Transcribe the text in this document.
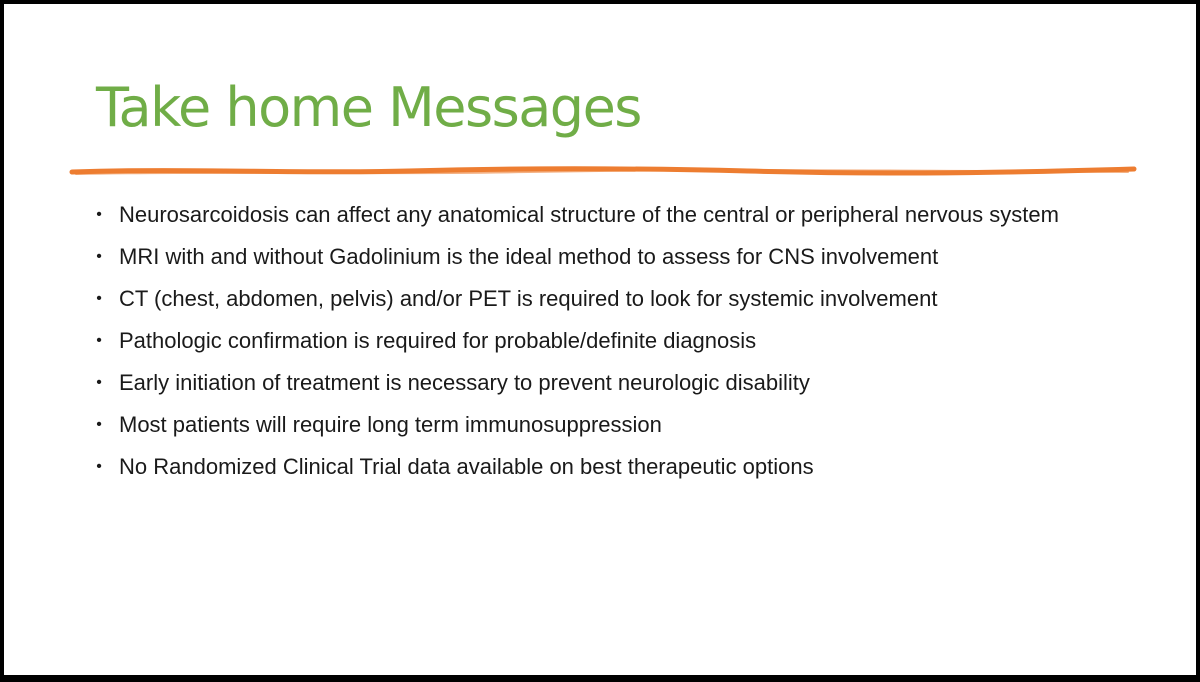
Take home Messages
• Neurosarcoidosis can affect any anatomical structure of the central or peripheral nervous system
• MRI with and without Gadolinium is the ideal method to assess for CNS involvement
• CT (chest, abdomen, pelvis) and/or PET is required to look for systemic involvement
• Pathologic confirmation is required for probable/definite diagnosis
• Early initiation of treatment is necessary to prevent neurologic disability
• Most patients will require long term immunosuppression
• No Randomized Clinical Trial data available on best therapeutic options
